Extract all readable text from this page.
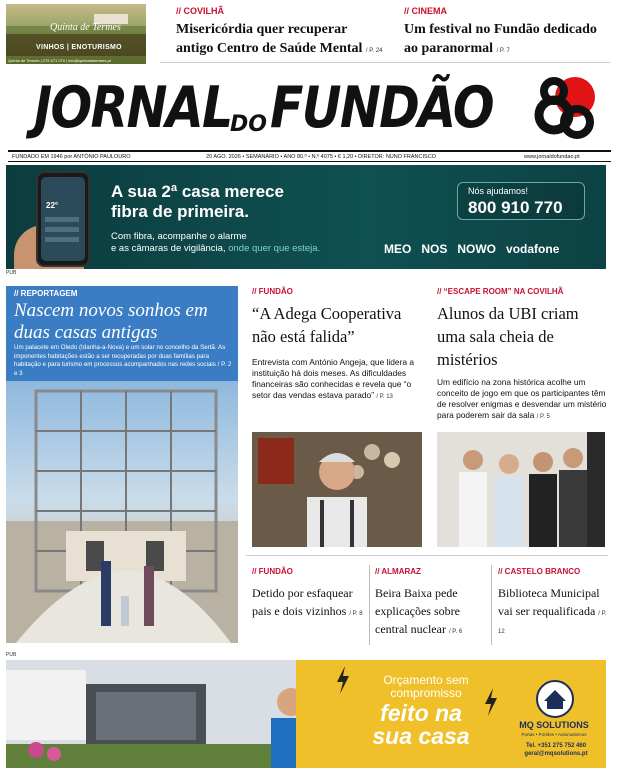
Quinta de Termes
VINHOS | ENOTURISMO
Quinta de Termes | 275 471 070 | info@quintadetermes.pt
// COVILHÃ
Misericórdia quer recuperar antigo Centro de Saúde Mental / P. 24
// CINEMA
Um festival no Fundão dedicado ao paranormal / P. 7
JORNAL
DO FUNDÃO
FUNDADO EM 1946 por ANTÓNIO PAULOURO	20 AGO. 2026 • SEMANÁRIO • ANO 80.º • N.º 4075 • € 1,20 • DIRETOR: NUNO FRANCISCO	www.jornaldofundao.pt
22°
A sua 2ª casa merece
fibra de primeira.
Com fibra, acompanhe o alarme
e as câmaras de vigilância, onde quer que esteja.
Nós ajudamos!
800 910 770
MEO NOS NOWO vodafone
PUB
// REPORTAGEM
Nascem novos sonhos em duas casas antigas
Um palacete em Oledo (Idanha-a-Nova) e um solar no concelho da Sertã. As imponentes habitações estão a ser recuperadas por duas famílias para habitação e para turismo em processos acompanhados nas redes sociais / P. 2 e 3
// FUNDÃO
“A Adega Cooperativa não está falida”
Entrevista com António Angeja, que lidera a instituição há dois meses. As dificuldades financeiras são conhecidas e revela que “o setor das vendas estava parado” / P. 13
// “ESCAPE ROOM” NA COVILHÃ
Alunos da UBI criam uma sala cheia de mistérios
Um edifício na zona histórica acolhe um conceito de jogo em que os participantes têm de resolver enigmas e desvendar um mistério para poderem sair da sala / P. 5
// FUNDÃO
Detido por esfaquear pais e dois vizinhos / P. 8
// ALMARAZ
Beira Baixa pede explicações sobre central nuclear / P. 6
// CASTELO BRANCO
Biblioteca Municipal vai ser requalificada / P. 12
PUB
Orçamento sem
compromisso
feito na
sua casa	MQ SOLUTIONS
Portas • Portões • Automatismos
Tel. +351 275 752 460
geral@mqsolutions.pt
